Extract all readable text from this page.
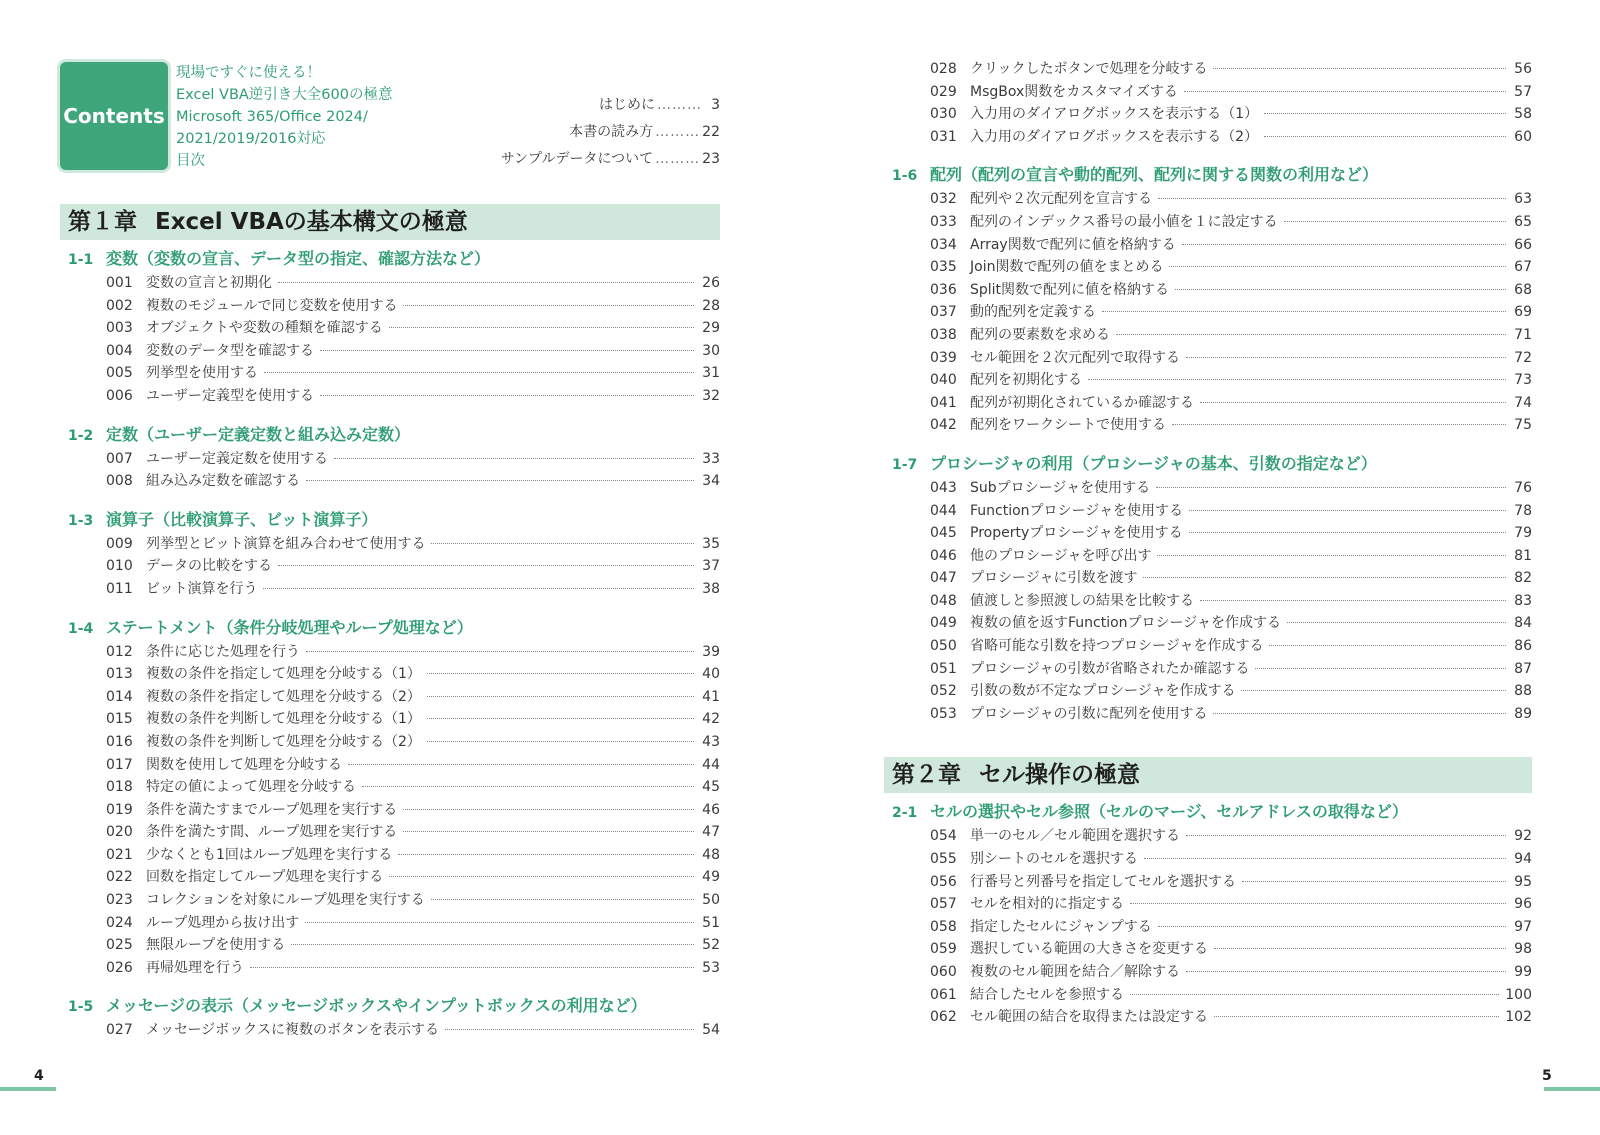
Contents
現場ですぐに使える！
Excel VBA逆引き大全600の極意
Microsoft 365/Office 2024/
2021/2019/2016対応
目次
はじめに ……… 3
本書の読み方 ……… 22
サンプルデータについて ……… 23
第１章 Excel VBAの基本構文の極意
1-1 変数（変数の宣言、データ型の指定、確認方法など）
001 変数の宣言と初期化	26
002 複数のモジュールで同じ変数を使用する	28
003 オブジェクトや変数の種類を確認する	29
004 変数のデータ型を確認する	30
005 列挙型を使用する	31
006 ユーザー定義型を使用する	32
1-2 定数（ユーザー定義定数と組み込み定数）
007 ユーザー定義定数を使用する	33
008 組み込み定数を確認する	34
1-3 演算子（比較演算子、ビット演算子）
009 列挙型とビット演算を組み合わせて使用する	35
010 データの比較をする	37
011 ビット演算を行う	38
1-4 ステートメント（条件分岐処理やループ処理など）
012 条件に応じた処理を行う	39
013 複数の条件を指定して処理を分岐する（1）	40
014 複数の条件を指定して処理を分岐する（2）	41
015 複数の条件を判断して処理を分岐する（1）	42
016 複数の条件を判断して処理を分岐する（2）	43
017 関数を使用して処理を分岐する	44
018 特定の値によって処理を分岐する	45
019 条件を満たすまでループ処理を実行する	46
020 条件を満たす間、ループ処理を実行する	47
021 少なくとも1回はループ処理を実行する	48
022 回数を指定してループ処理を実行する	49
023 コレクションを対象にループ処理を実行する	50
024 ループ処理から抜け出す	51
025 無限ループを使用する	52
026 再帰処理を行う	53
1-5 メッセージの表示（メッセージボックスやインプットボックスの利用など）
027 メッセージボックスに複数のボタンを表示する	54
028 クリックしたボタンで処理を分岐する	56
029 MsgBox関数をカスタマイズする	57
030 入力用のダイアログボックスを表示する（1）	58
031 入力用のダイアログボックスを表示する（2）	60
1-6 配列（配列の宣言や動的配列、配列に関する関数の利用など）
032 配列や２次元配列を宣言する	63
033 配列のインデックス番号の最小値を１に設定する	65
034 Array関数で配列に値を格納する	66
035 Join関数で配列の値をまとめる	67
036 Split関数で配列に値を格納する	68
037 動的配列を定義する	69
038 配列の要素数を求める	71
039 セル範囲を２次元配列で取得する	72
040 配列を初期化する	73
041 配列が初期化されているか確認する	74
042 配列をワークシートで使用する	75
1-7 プロシージャの利用（プロシージャの基本、引数の指定など）
043 Subプロシージャを使用する	76
044 Functionプロシージャを使用する	78
045 Propertyプロシージャを使用する	79
046 他のプロシージャを呼び出す	81
047 プロシージャに引数を渡す	82
048 値渡しと参照渡しの結果を比較する	83
049 複数の値を返すFunctionプロシージャを作成する	84
050 省略可能な引数を持つプロシージャを作成する	86
051 プロシージャの引数が省略されたか確認する	87
052 引数の数が不定なプロシージャを作成する	88
053 プロシージャの引数に配列を使用する	89
第２章 セル操作の極意
2-1 セルの選択やセル参照（セルのマージ、セルアドレスの取得など）
054 単一のセル／セル範囲を選択する	92
055 別シートのセルを選択する	94
056 行番号と列番号を指定してセルを選択する	95
057 セルを相対的に指定する	96
058 指定したセルにジャンプする	97
059 選択している範囲の大きさを変更する	98
060 複数のセル範囲を結合／解除する	99
061 結合したセルを参照する	100
062 セル範囲の結合を取得または設定する	102
4	5
